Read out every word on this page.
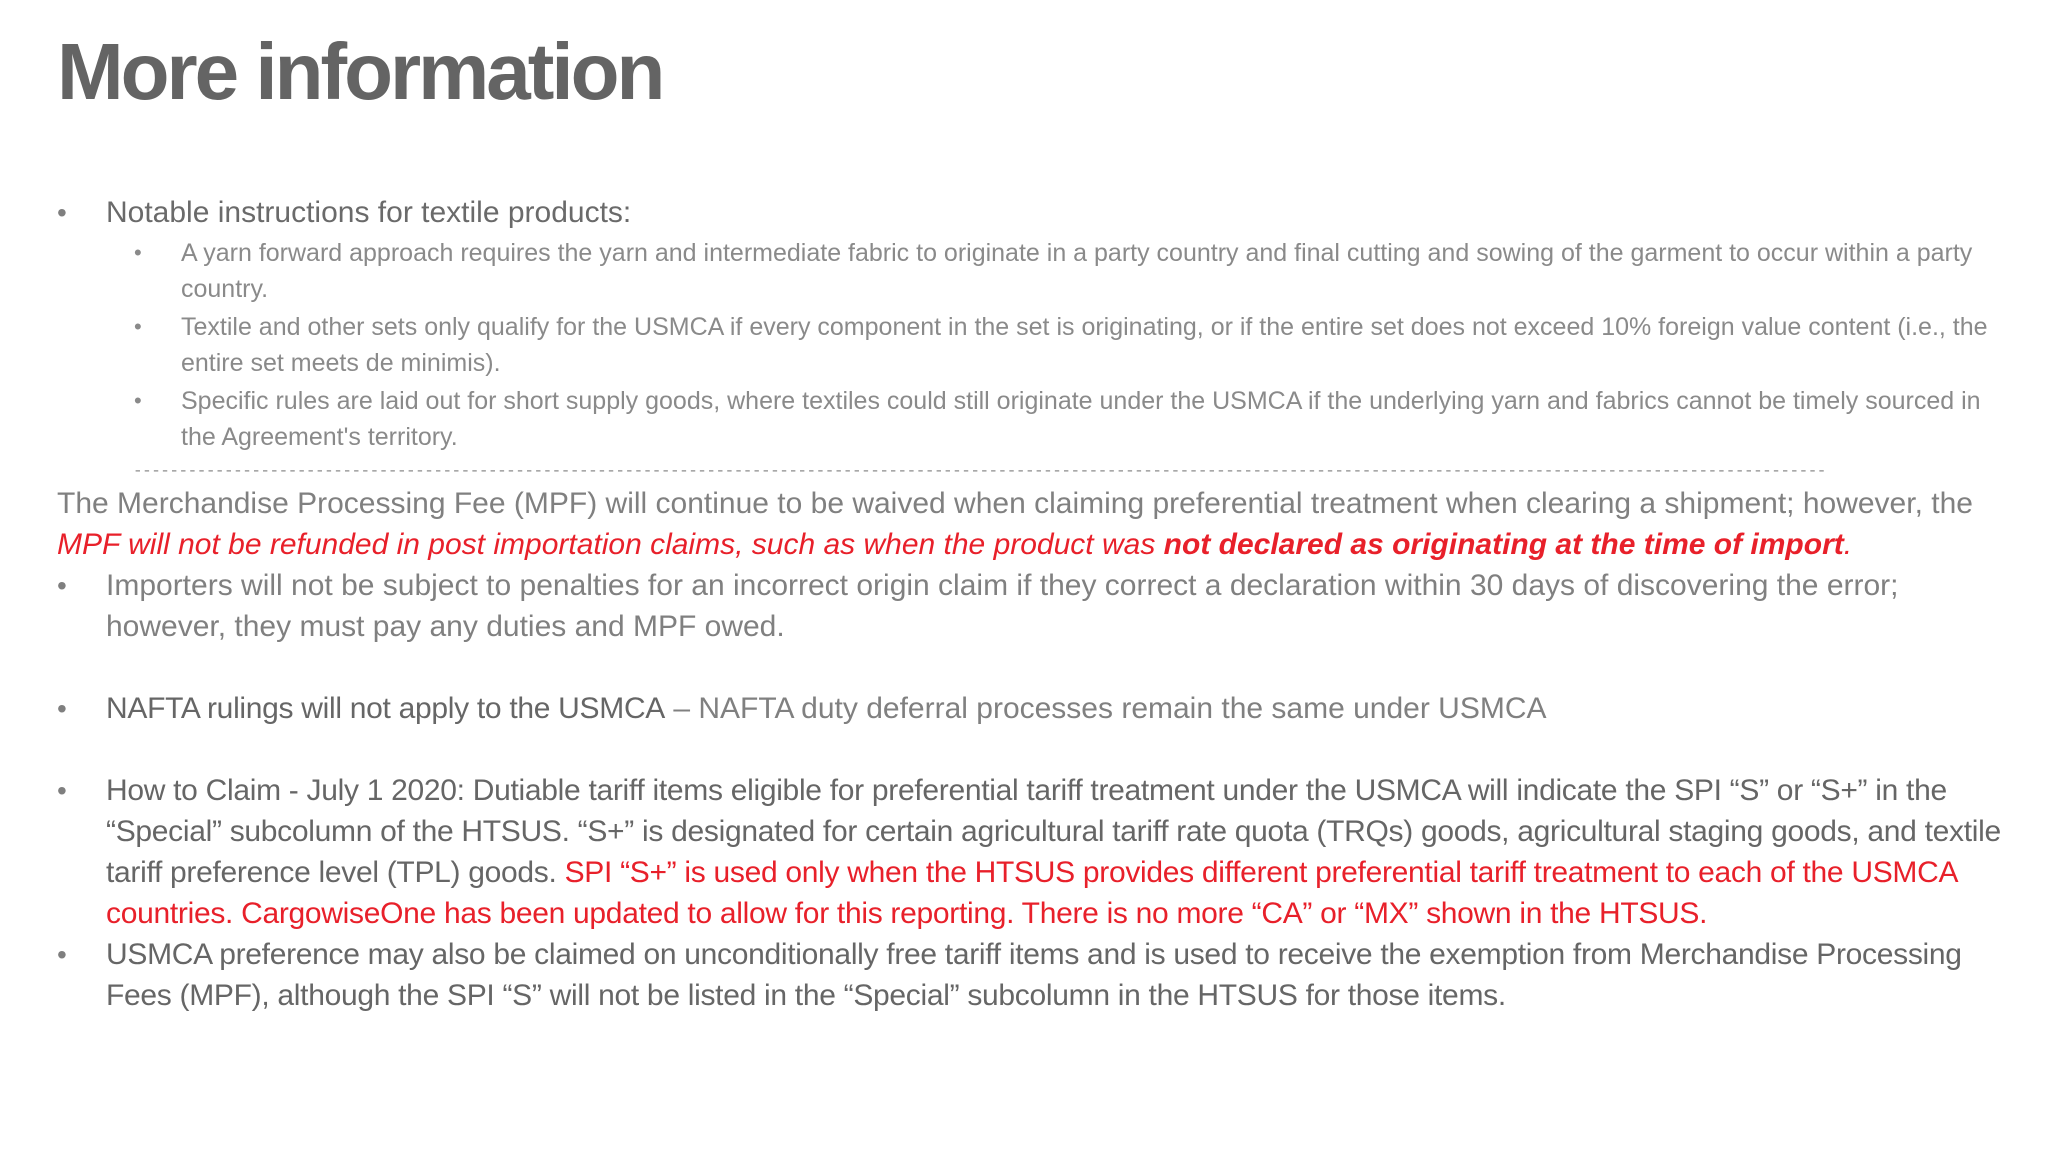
More information
•	Notable instructions for textile products:
• A yarn forward approach requires the yarn and intermediate fabric to originate in a party country and final cutting and sowing of the garment to occur within a party country.
• Textile and other sets only qualify for the USMCA if every component in the set is originating, or if the entire set does not exceed 10% foreign value content (i.e., the entire set meets de minimis).
• Specific rules are laid out for short supply goods, where textiles could still originate under the USMCA if the underlying yarn and fabrics cannot be timely sourced in the Agreement's territory.
------------------------------------------------------------------------------------------------------------------------------------------------------------------------------------------
The Merchandise Processing Fee (MPF) will continue to be waived when claiming preferential treatment when clearing a shipment; however, the MPF will not be refunded in post importation claims, such as when the product was not declared as originating at the time of import.
•	Importers will not be subject to penalties for an incorrect origin claim if they correct a declaration within 30 days of discovering the error; however, they must pay any duties and MPF owed.
•	NAFTA rulings will not apply to the USMCA – NAFTA duty deferral processes remain the same under USMCA
•	How to Claim - July 1 2020: Dutiable tariff items eligible for preferential tariff treatment under the USMCA will indicate the SPI “S” or “S+” in the “Special” subcolumn of the HTSUS. “S+” is designated for certain agricultural tariff rate quota (TRQs) goods, agricultural staging goods, and textile tariff preference level (TPL) goods. SPI “S+” is used only when the HTSUS provides different preferential tariff treatment to each of the USMCA countries. CargowiseOne has been updated to allow for this reporting. There is no more “CA” or “MX” shown in the HTSUS.
•	USMCA preference may also be claimed on unconditionally free tariff items and is used to receive the exemption from Merchandise Processing Fees (MPF), although the SPI “S” will not be listed in the “Special” subcolumn in the HTSUS for those items.
